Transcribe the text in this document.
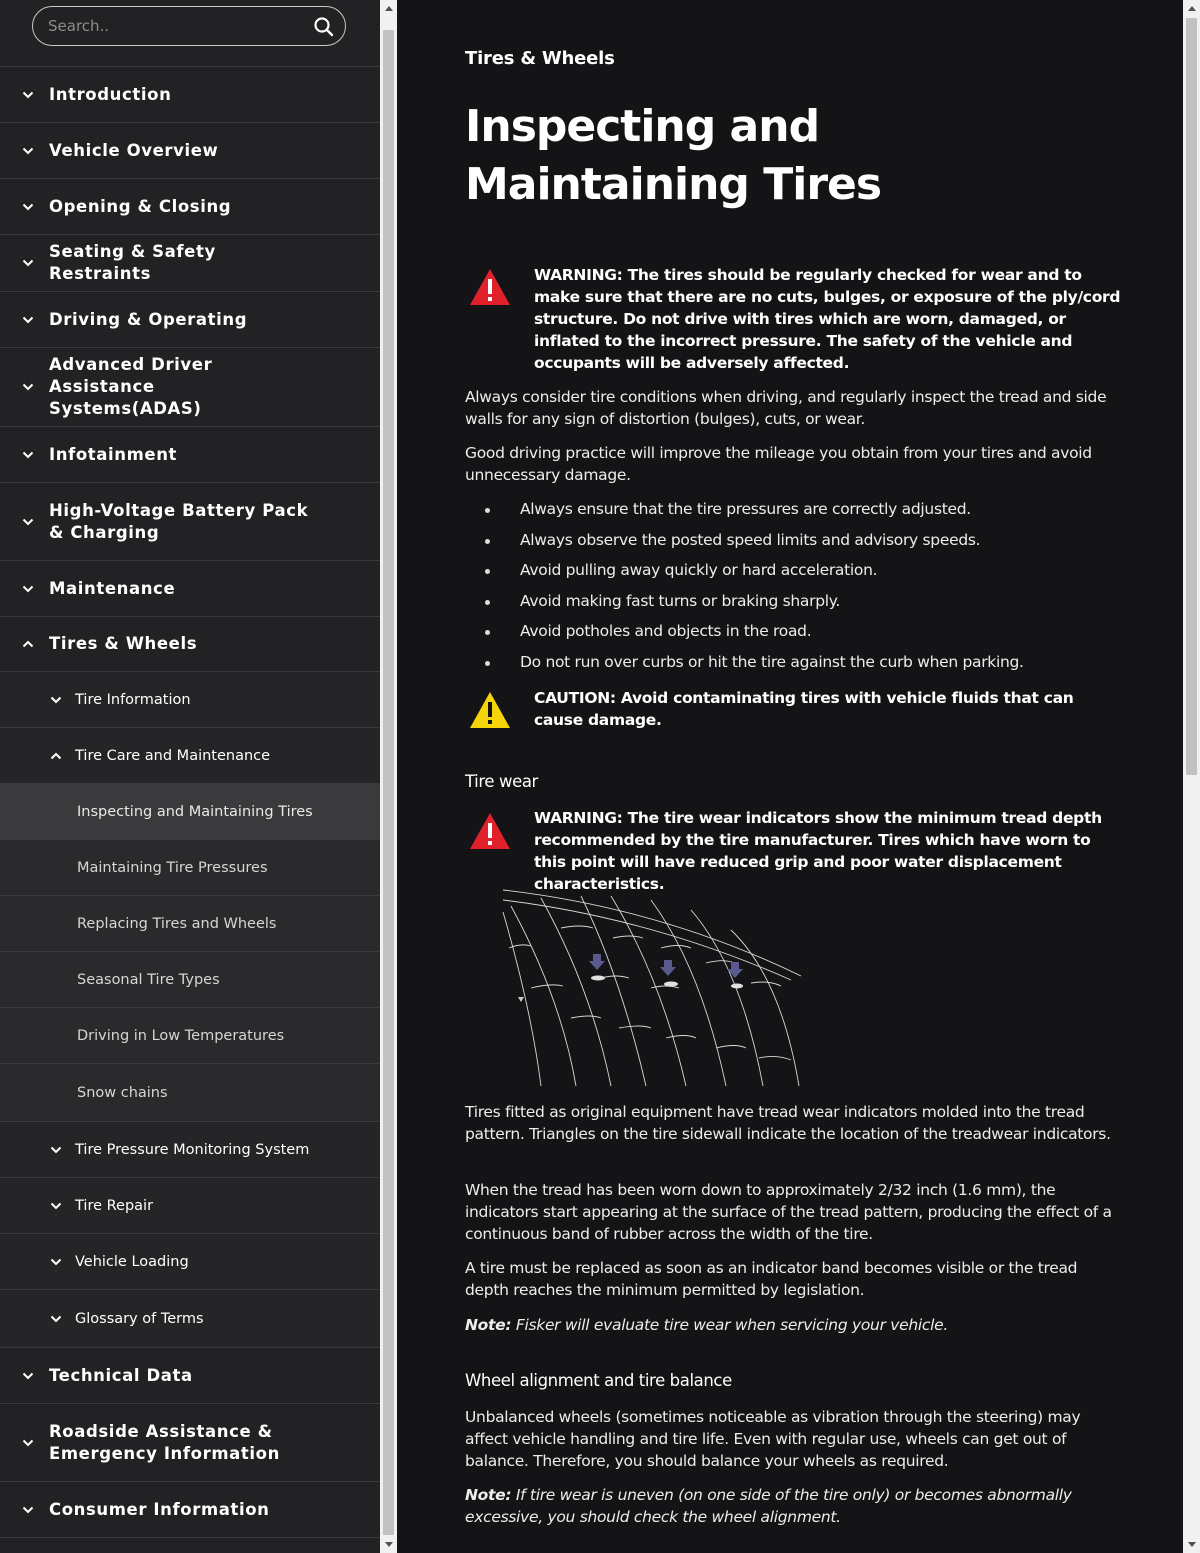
Search..
Introduction
Vehicle Overview
Opening & Closing
Seating & Safety Restraints
Driving & Operating
Advanced Driver Assistance Systems(ADAS)
Infotainment
High-Voltage Battery Pack & Charging
Maintenance
Tires & Wheels
Tire Information
Tire Care and Maintenance
Inspecting and Maintaining Tires
Maintaining Tire Pressures
Replacing Tires and Wheels
Seasonal Tire Types
Driving in Low Temperatures
Snow chains
Tire Pressure Monitoring System
Tire Repair
Vehicle Loading
Glossary of Terms
Technical Data
Roadside Assistance & Emergency Information
Consumer Information
Tires & Wheels
Inspecting and Maintaining Tires
WARNING: The tires should be regularly checked for wear and to make sure that there are no cuts, bulges, or exposure of the ply/cord structure. Do not drive with tires which are worn, damaged, or inflated to the incorrect pressure. The safety of the vehicle and occupants will be adversely affected.

Always consider tire conditions when driving, and regularly inspect the tread and side walls for any sign of distortion (bulges), cuts, or wear.

Good driving practice will improve the mileage you obtain from your tires and avoid unnecessary damage.

Always ensure that the tire pressures are correctly adjusted.
Always observe the posted speed limits and advisory speeds.
Avoid pulling away quickly or hard acceleration.
Avoid making fast turns or braking sharply.
Avoid potholes and objects in the road.
Do not run over curbs or hit the tire against the curb when parking.
CAUTION: Avoid contaminating tires with vehicle fluids that can cause damage.
Tire wear
WARNING: The tire wear indicators show the minimum tread depth recommended by the tire manufacturer. Tires which have worn to this point will have reduced grip and poor water displacement characteristics.

Tires fitted as original equipment have tread wear indicators molded into the tread pattern. Triangles on the tire sidewall indicate the location of the treadwear indicators.

When the tread has been worn down to approximately 2/32 inch (1.6 mm), the indicators start appearing at the surface of the tread pattern, producing the effect of a continuous band of rubber across the width of the tire.

A tire must be replaced as soon as an indicator band becomes visible or the tread depth reaches the minimum permitted by legislation.

Note: Fisker will evaluate tire wear when servicing your vehicle.

Wheel alignment and tire balance

Unbalanced wheels (sometimes noticeable as vibration through the steering) may affect vehicle handling and tire life. Even with regular use, wheels can get out of balance. Therefore, you should balance your wheels as required.

Note: If tire wear is uneven (on one side of the tire only) or becomes abnormally excessive, you should check the wheel alignment.
